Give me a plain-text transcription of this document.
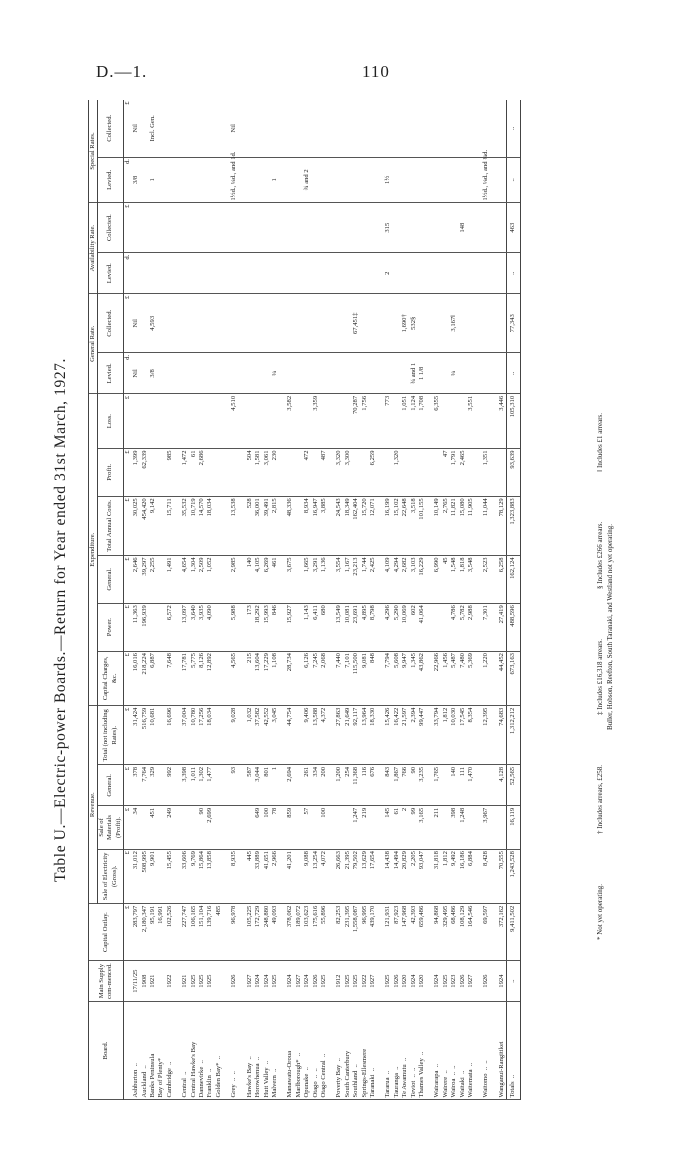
D.—1.	110
Table U.—Electric-power Boards.—Return for Year ended 31st March, 1927.
Board.	Main Supply com-menced.	Capital Outlay.	Revenue.				Expenditure.						General Rate.		Availability Rate.		Special Rates.	
			Sale of Electricity (Gross).	Sale of Materials (Profit).	General.	Total (not including Rates).	Capital Charges, &c.	Power.	General.	Total Annual Costs.	Profit.	Loss.	Levied.	Collected.	Levied.	Collected.	Levied.	Collected.
		£	£	£	£	£	£	£	£	£	£	£	d.	£	d.	£	d.	£
Ashburton  ..	17/11/25	283,797	31,012	34	378	31,424	16,016	11,363	2,646	30,025	1,399		Nil	Nil			3/8	Nil
Auckland  ..	1908	2,180,347	508,995		7,764	516,759	218,224	196,939	39,297	454,420	62,339							
Banks Peninsula	1921	95,191	9,901	451	329	10,681	6,887		2,255	9,142			3/8	4,593			1	Incl. Gen.
Bay of Plenty*		16,991																
Cambridge  ..	1922	102,526	15,455	249	992	16,696	7,648	6,572	1,491	15,711	985							

Central  ..	1921	227,747	33,606		3,398	37,004	17,781	13,097	4,654	35,532	1,472							
Central Hawke's Bay	1925	106,165	9,769		1,011	10,780	5,775	3,640	1,304	10,719	61							
Dannevirke  ..	1925	151,104	15,864	90	1,302	17,256	8,126	3,935	2,509	14,570	2,686							
Franklin  ..	1925	139,716	13,858	2,699	1,477	18,034	12,892	4,090	1,052	18,034								
Golden Bay*  ..		485																

Grey  ..  ..	1926	96,978	8,935		93	9,028	4,565	5,988	2,985	13,538		4,510					1½d., ¼d., and 1d.	Nil

Hawke's Bay  ..	1927	105,225	445		587	1,032	215	173	140	528	504							
Horowhenua  ..	1924	172,729	33,889	649	3,044	37,582	13,604	18,292	4,105	36,001	1,581							
Hutt Valley  ..	1924	248,880	41,651	100	801	42,552	17,229	15,993	6,269	39,491	3,061							
Malvern  ..	1925	49,093	2,966	78	1	3,045	1,108	846	461	2,815	230		¼				1	

Manawatu-Oroua	1924	378,062	41,201	859	2,694	44,754	28,734	15,927	3,675	48,336		3,582						
Marlborough*  ..	1927	189,072																
Opunake  ..	1924	103,623	9,088	57	261	9,406	6,126	1,143	1,665	8,934	472						¾ and 2	
Otago  ..  ..	1926	175,616	13,254		334	13,588	7,245	6,411	3,291	16,947		3,359						
Otago Central  ..	1925	55,896	4,072	100	200	4,372	2,068	680	1,136	3,885	487							

Poverty Bay  ..	1912	82,253	26,663		1,200	27,863	7,440	13,549	3,554	24,543	3,320							
South Canterbury	1925	231,395	21,395		254	21,649	7,101	10,081	1,167	18,349	3,300							
Southland  ..	1925	1,558,087	79,502	1,247	11,368	92,117	115,500	23,691	23,213	162,404		70,287		67,451‡				
Springs-Ellesmere	1922	96,995	13,629	219	116	13,964	9,081	4,895	1,744	15,720		1,756						
Taranaki  ..	1927	439,170	17,654		676	18,330	848	8,798	2,425	12,071	6,259							

Tararua  ..	1925	121,931	14,438	145	843	15,426	7,794	4,296	4,109	16,199		773			2	315	1½	
Tauranga  ..	1926	87,923	14,494	61	1,867	16,422	5,608	5,290	4,294	15,102	1,320							
Te Awamutu  ..	1920	147,968	20,829	2	766	21,597	9,947	10,069	2,682	22,648		1,051		1,690†				
Teviot  ..  ..	1924	42,393	2,205	99	90	2,394	1,345	602	3,103	3,518		1,124	¾ and 1	532§				
Thames Valley  ..	1920	659,486	93,047	3,165	3,235	99,447	43,862	41,064	16,229	101,155		1,708	1 1/8					

Wairarapa  ..	1924	94,868	31,818	211	1,765	33,794	22,966		6,990	10,149		6,355						
Wairere  ..	1925	329,495	1,812			1,812	1,456		45	2,765	47							
Wairoa  ..  ..	1923	68,486	9,492	398	140	10,030	5,487	4,786	1,548	11,821	1,791		¼	3,167‖				
Waitaki  ..	1926	108,129	16,186	1,248	111	17,545	7,480	5,782	1,818	15,080	2,465					148		
Waitemata  ..	1927	164,546	6,884		1,470	8,354	5,369	2,988	3,548	11,905		3,551						

Waitomo  ..  ..	1926	69,597	8,428	3,967		12,395	1,220	7,301	2,523	11,044	1,351						1½d., ⅛d., and ¼d.	

Wanganui-Rangitikei	1924	372,162	70,555		4,128	74,683	44,452	27,419	6,258	78,129		3,446						
Totals  ..	..	9,411,502	1,243,528	16,119	52,565	1,312,212	673,163	488,596	162,124	1,323,883	93,639	105,310	..	77,343	..	463	..	..
* Not yet operating.
† Includes arrears, £258.
‡ Includes £16,318 arrears.
§ Includes £266 arrears.
‖ Includes £1 arrears.
Buller, Hobson, Reefton, South Taranaki, and Westland not yet operating.
